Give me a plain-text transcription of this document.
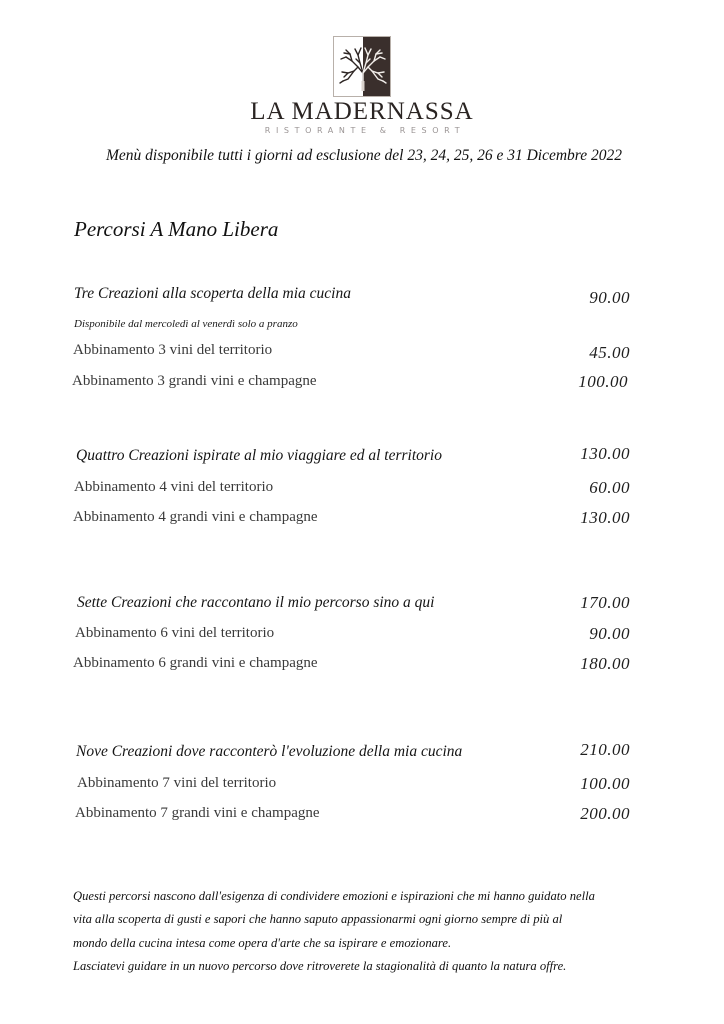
LA MADERNASSA
RISTORANTE & RESORT
Menù disponibile tutti i giorni ad esclusione del 23, 24, 25, 26 e 31 Dicembre 2022
Percorsi A Mano Libera
Tre Creazioni alla scoperta della mia cucina	90.00
Disponibile dal mercoledì al venerdì solo a pranzo
Abbinamento 3 vini del territorio	45.00
Abbinamento 3 grandi vini e champagne	100.00
Quattro Creazioni ispirate al mio viaggiare ed al territorio	130.00
Abbinamento 4 vini del territorio	60.00
Abbinamento 4 grandi vini e champagne	130.00
Sette Creazioni che raccontano il mio percorso sino a qui	170.00
Abbinamento 6 vini del territorio	90.00
Abbinamento 6 grandi vini e champagne	180.00
Nove Creazioni dove racconterò l'evoluzione della mia cucina	210.00
Abbinamento 7 vini del territorio	100.00
Abbinamento 7 grandi vini e champagne	200.00
Questi percorsi nascono dall'esigenza di condividere emozioni e ispirazioni che mi hanno guidato nella
vita alla scoperta di gusti e sapori che hanno saputo appassionarmi ogni giorno sempre di più al
mondo della cucina intesa come opera d'arte che sa ispirare e emozionare.
Lasciatevi guidare in un nuovo percorso dove ritroverete la stagionalità di quanto la natura offre.
